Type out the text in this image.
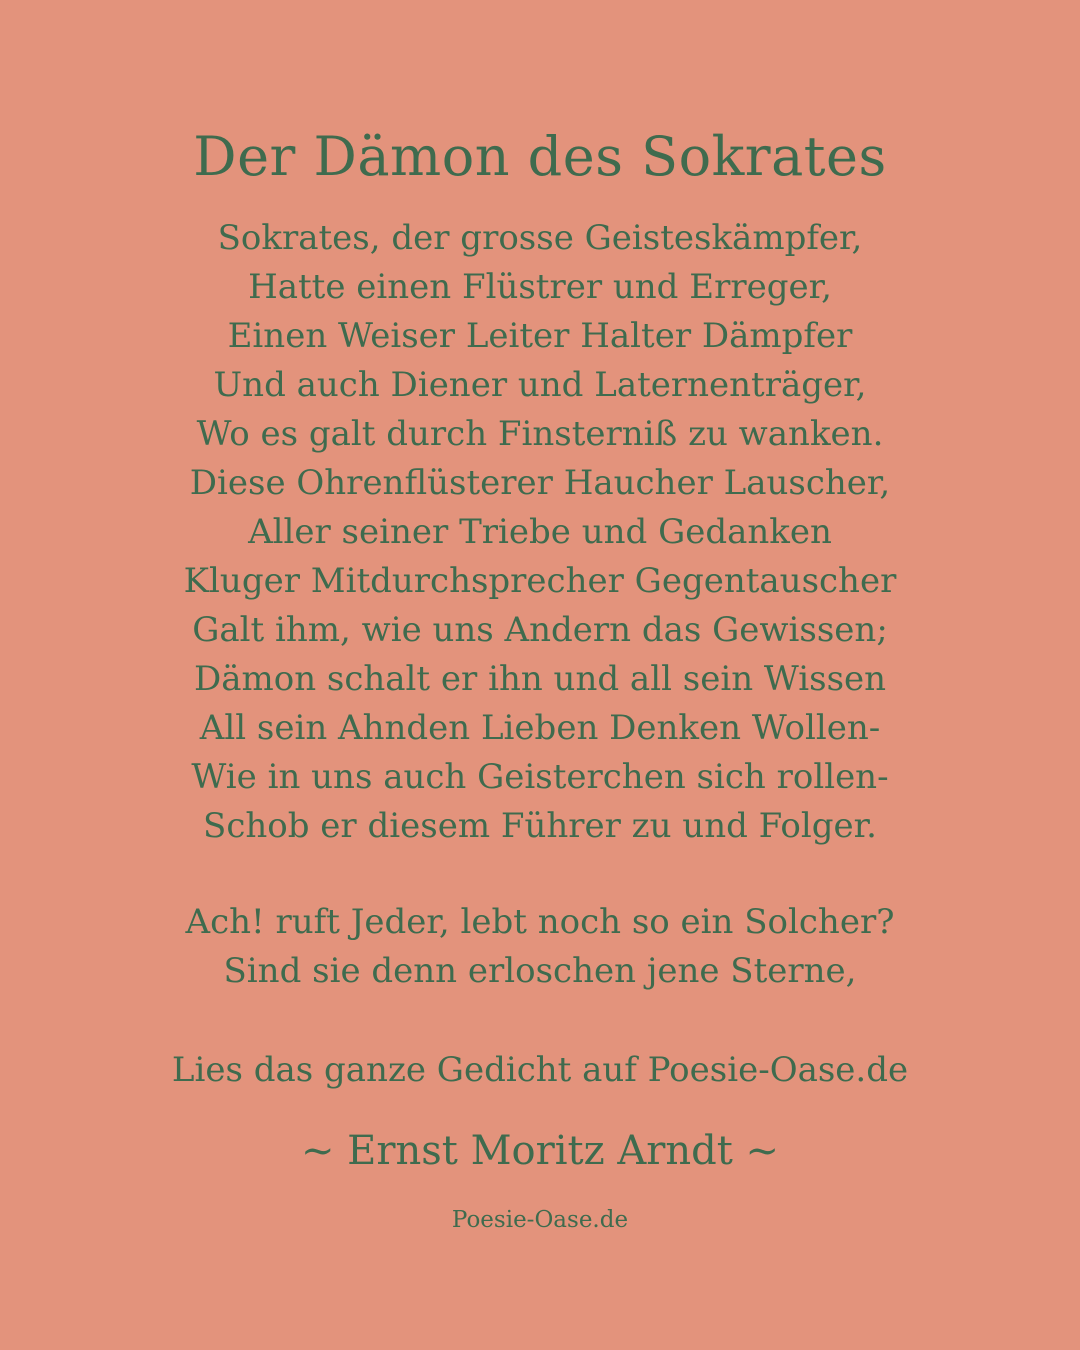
Der Dämon des Sokrates
Sokrates, der grosse Geisteskämpfer,
Hatte einen Flüstrer und Erreger,
Einen Weiser Leiter Halter Dämpfer
Und auch Diener und Laternenträger,
Wo es galt durch Finsterniß zu wanken.
Diese Ohrenflüsterer Haucher Lauscher,
Aller seiner Triebe und Gedanken
Kluger Mitdurchsprecher Gegentauscher
Galt ihm, wie uns Andern das Gewissen;
Dämon schalt er ihn und all sein Wissen
All sein Ahnden Lieben Denken Wollen-
Wie in uns auch Geisterchen sich rollen-
Schob er diesem Führer zu und Folger.
Ach! ruft Jeder, lebt noch so ein Solcher?
Sind sie denn erloschen jene Sterne,
Lies das ganze Gedicht auf Poesie-Oase.de
~ Ernst Moritz Arndt ~
Poesie-Oase.de
